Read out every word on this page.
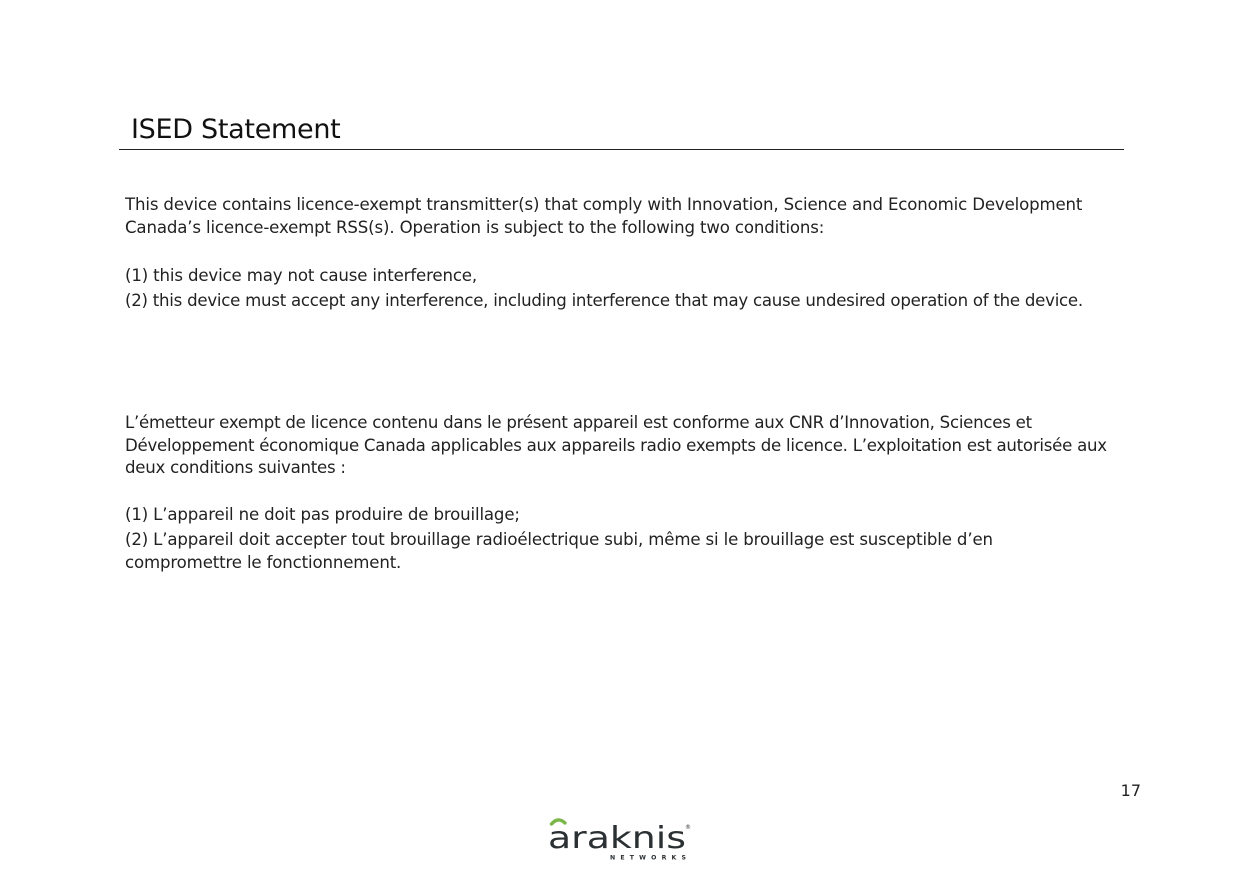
ISED Statement

This device contains licence-exempt transmitter(s) that comply with Innovation, Science and Economic Development Canada’s licence-exempt RSS(s). Operation is subject to the following two conditions:

(1) this device may not cause interference,

(2) this device must accept any interference, including interference that may cause undesired operation of the device.

L’émetteur exempt de licence contenu dans le présent appareil est conforme aux CNR d’Innovation, Sciences et Développement économique Canada applicables aux appareils radio exempts de licence. L’exploitation est autorisée aux deux conditions suivantes :

(1) L’appareil ne doit pas produire de brouillage;

(2) L’appareil doit accepter tout brouillage radioélectrique subi, même si le brouillage est susceptible d’en compromettre le fonctionnement.

17
araknis ®
NETWORKS
